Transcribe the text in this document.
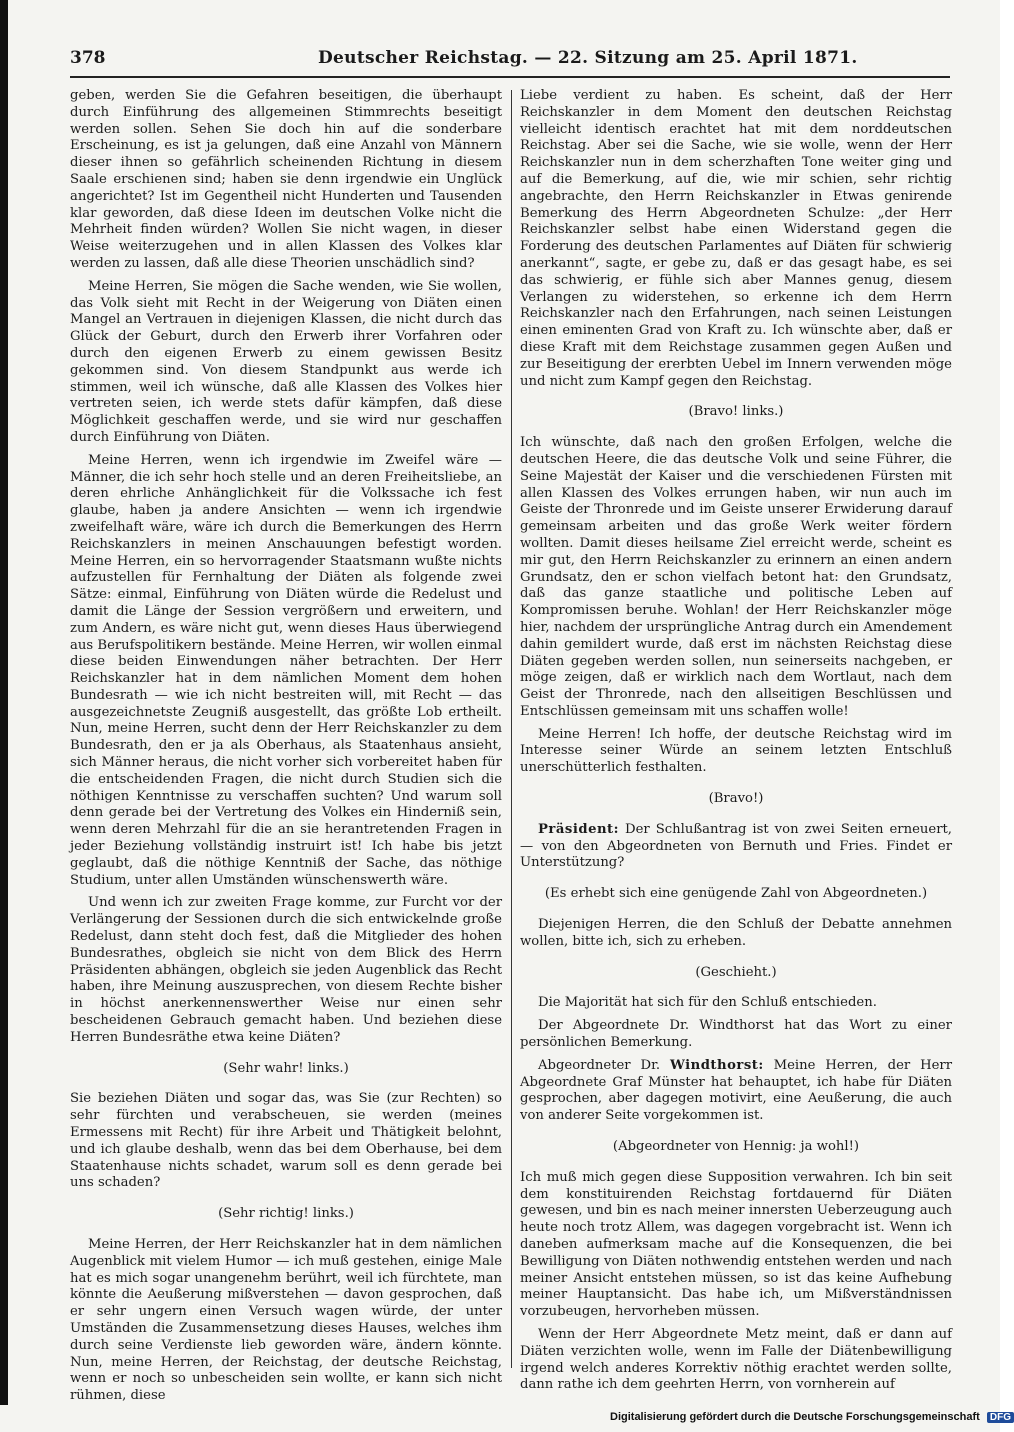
378	Deutscher Reichstag. — 22. Sitzung am 25. April 1871.

geben, werden Sie die Gefahren beseitigen, die überhaupt durch Einführung des allgemeinen Stimmrechts beseitigt werden sollen. Sehen Sie doch hin auf die sonderbare Erscheinung, es ist ja gelungen, daß eine Anzahl von Männern dieser ihnen so gefährlich scheinenden Richtung in diesem Saale erschienen sind; haben sie denn irgendwie ein Unglück angerichtet? Ist im Gegentheil nicht Hunderten und Tausenden klar geworden, daß diese Ideen im deutschen Volke nicht die Mehrheit finden würden? Wollen Sie nicht wagen, in dieser Weise weiterzugehen und in allen Klassen des Volkes klar werden zu lassen, daß alle diese Theorien unschädlich sind?

Meine Herren, Sie mögen die Sache wenden, wie Sie wollen, das Volk sieht mit Recht in der Weigerung von Diäten einen Mangel an Vertrauen in diejenigen Klassen, die nicht durch das Glück der Geburt, durch den Erwerb ihrer Vorfahren oder durch den eigenen Erwerb zu einem gewissen Besitz gekommen sind. Von diesem Standpunkt aus werde ich stimmen, weil ich wünsche, daß alle Klassen des Volkes hier vertreten seien, ich werde stets dafür kämpfen, daß diese Möglichkeit geschaffen werde, und sie wird nur geschaffen durch Einführung von Diäten.

Meine Herren, wenn ich irgendwie im Zweifel wäre — Männer, die ich sehr hoch stelle und an deren Freiheitsliebe, an deren ehrliche Anhänglichkeit für die Volkssache ich fest glaube, haben ja andere Ansichten — wenn ich irgendwie zweifelhaft wäre, wäre ich durch die Bemerkungen des Herrn Reichskanzlers in meinen Anschauungen befestigt worden. Meine Herren, ein so hervorragender Staatsmann wußte nichts aufzustellen für Fernhaltung der Diäten als folgende zwei Sätze: einmal, Einführung von Diäten würde die Redelust und damit die Länge der Session vergrößern und erweitern, und zum Andern, es wäre nicht gut, wenn dieses Haus überwiegend aus Berufspolitikern bestände. Meine Herren, wir wollen einmal diese beiden Einwendungen näher betrachten. Der Herr Reichskanzler hat in dem nämlichen Moment dem hohen Bundesrath — wie ich nicht bestreiten will, mit Recht — das ausgezeichnetste Zeugniß ausgestellt, das größte Lob ertheilt. Nun, meine Herren, sucht denn der Herr Reichskanzler zu dem Bundesrath, den er ja als Oberhaus, als Staatenhaus ansieht, sich Männer heraus, die nicht vorher sich vorbereitet haben für die entscheidenden Fragen, die nicht durch Studien sich die nöthigen Kenntnisse zu verschaffen suchten? Und warum soll denn gerade bei der Vertretung des Volkes ein Hinderniß sein, wenn deren Mehrzahl für die an sie herantretenden Fragen in jeder Beziehung vollständig instruirt ist! Ich habe bis jetzt geglaubt, daß die nöthige Kenntniß der Sache, das nöthige Studium, unter allen Umständen wünschenswerth wäre.

Und wenn ich zur zweiten Frage komme, zur Furcht vor der Verlängerung der Sessionen durch die sich entwickelnde große Redelust, dann steht doch fest, daß die Mitglieder des hohen Bundesrathes, obgleich sie nicht von dem Blick des Herrn Präsidenten abhängen, obgleich sie jeden Augenblick das Recht haben, ihre Meinung auszusprechen, von diesem Rechte bisher in höchst anerkennenswerther Weise nur einen sehr bescheidenen Gebrauch gemacht haben. Und beziehen diese Herren Bundesräthe etwa keine Diäten?

(Sehr wahr! links.)

Sie beziehen Diäten und sogar das, was Sie (zur Rechten) so sehr fürchten und verabscheuen, sie werden (meines Ermessens mit Recht) für ihre Arbeit und Thätigkeit belohnt, und ich glaube deshalb, wenn das bei dem Oberhause, bei dem Staatenhause nichts schadet, warum soll es denn gerade bei uns schaden?

(Sehr richtig! links.)

Meine Herren, der Herr Reichskanzler hat in dem nämlichen Augenblick mit vielem Humor — ich muß gestehen, einige Male hat es mich sogar unangenehm berührt, weil ich fürchtete, man könnte die Aeußerung mißverstehen — davon gesprochen, daß er sehr ungern einen Versuch wagen würde, der unter Umständen die Zusammensetzung dieses Hauses, welches ihm durch seine Verdienste lieb geworden wäre, ändern könnte. Nun, meine Herren, der Reichstag, der deutsche Reichstag, wenn er noch so unbescheiden sein wollte, er kann sich nicht rühmen, diese

Liebe verdient zu haben. Es scheint, daß der Herr Reichskanzler in dem Moment den deutschen Reichstag vielleicht identisch erachtet hat mit dem norddeutschen Reichstag. Aber sei die Sache, wie sie wolle, wenn der Herr Reichskanzler nun in dem scherzhaften Tone weiter ging und auf die Bemerkung, auf die, wie mir schien, sehr richtig angebrachte, den Herrn Reichskanzler in Etwas genirende Bemerkung des Herrn Abgeordneten Schulze: „der Herr Reichskanzler selbst habe einen Widerstand gegen die Forderung des deutschen Parlamentes auf Diäten für schwierig anerkannt“, sagte, er gebe zu, daß er das gesagt habe, es sei das schwierig, er fühle sich aber Mannes genug, diesem Verlangen zu widerstehen, so erkenne ich dem Herrn Reichskanzler nach den Erfahrungen, nach seinen Leistungen einen eminenten Grad von Kraft zu. Ich wünschte aber, daß er diese Kraft mit dem Reichstage zusammen gegen Außen und zur Beseitigung der ererbten Uebel im Innern verwenden möge und nicht zum Kampf gegen den Reichstag.

(Bravo! links.)

Ich wünschte, daß nach den großen Erfolgen, welche die deutschen Heere, die das deutsche Volk und seine Führer, die Seine Majestät der Kaiser und die verschiedenen Fürsten mit allen Klassen des Volkes errungen haben, wir nun auch im Geiste der Thronrede und im Geiste unserer Erwiderung darauf gemeinsam arbeiten und das große Werk weiter fördern wollten. Damit dieses heilsame Ziel erreicht werde, scheint es mir gut, den Herrn Reichskanzler zu erinnern an einen andern Grundsatz, den er schon vielfach betont hat: den Grundsatz, daß das ganze staatliche und politische Leben auf Kompromissen beruhe. Wohlan! der Herr Reichskanzler möge hier, nachdem der ursprüngliche Antrag durch ein Amendement dahin gemildert wurde, daß erst im nächsten Reichstag diese Diäten gegeben werden sollen, nun seinerseits nachgeben, er möge zeigen, daß er wirklich nach dem Wortlaut, nach dem Geist der Thronrede, nach den allseitigen Beschlüssen und Entschlüssen gemeinsam mit uns schaffen wolle!

Meine Herren! Ich hoffe, der deutsche Reichstag wird im Interesse seiner Würde an seinem letzten Entschluß unerschütterlich festhalten.

(Bravo!)

Präsident: Der Schlußantrag ist von zwei Seiten erneuert, — von den Abgeordneten von Bernuth und Fries. Findet er Unterstützung?

(Es erhebt sich eine genügende Zahl von Abgeordneten.)

Diejenigen Herren, die den Schluß der Debatte annehmen wollen, bitte ich, sich zu erheben.

(Geschieht.)

Die Majorität hat sich für den Schluß entschieden.

Der Abgeordnete Dr. Windthorst hat das Wort zu einer persönlichen Bemerkung.

Abgeordneter Dr. Windthorst: Meine Herren, der Herr Abgeordnete Graf Münster hat behauptet, ich habe für Diäten gesprochen, aber dagegen motivirt, eine Aeußerung, die auch von anderer Seite vorgekommen ist.

(Abgeordneter von Hennig: ja wohl!)

Ich muß mich gegen diese Supposition verwahren. Ich bin seit dem konstituirenden Reichstag fortdauernd für Diäten gewesen, und bin es nach meiner innersten Ueberzeugung auch heute noch trotz Allem, was dagegen vorgebracht ist. Wenn ich daneben aufmerksam mache auf die Konsequenzen, die bei Bewilligung von Diäten nothwendig entstehen werden und nach meiner Ansicht entstehen müssen, so ist das keine Aufhebung meiner Hauptansicht. Das habe ich, um Mißverständnissen vorzubeugen, hervorheben müssen.

Wenn der Herr Abgeordnete Metz meint, daß er dann auf Diäten verzichten wolle, wenn im Falle der Diätenbewilligung irgend welch anderes Korrektiv nöthig erachtet werden sollte, dann rathe ich dem geehrten Herrn, von vornherein auf

Digitalisierung gefördert durch die Deutsche Forschungsgemeinschaft DFG
